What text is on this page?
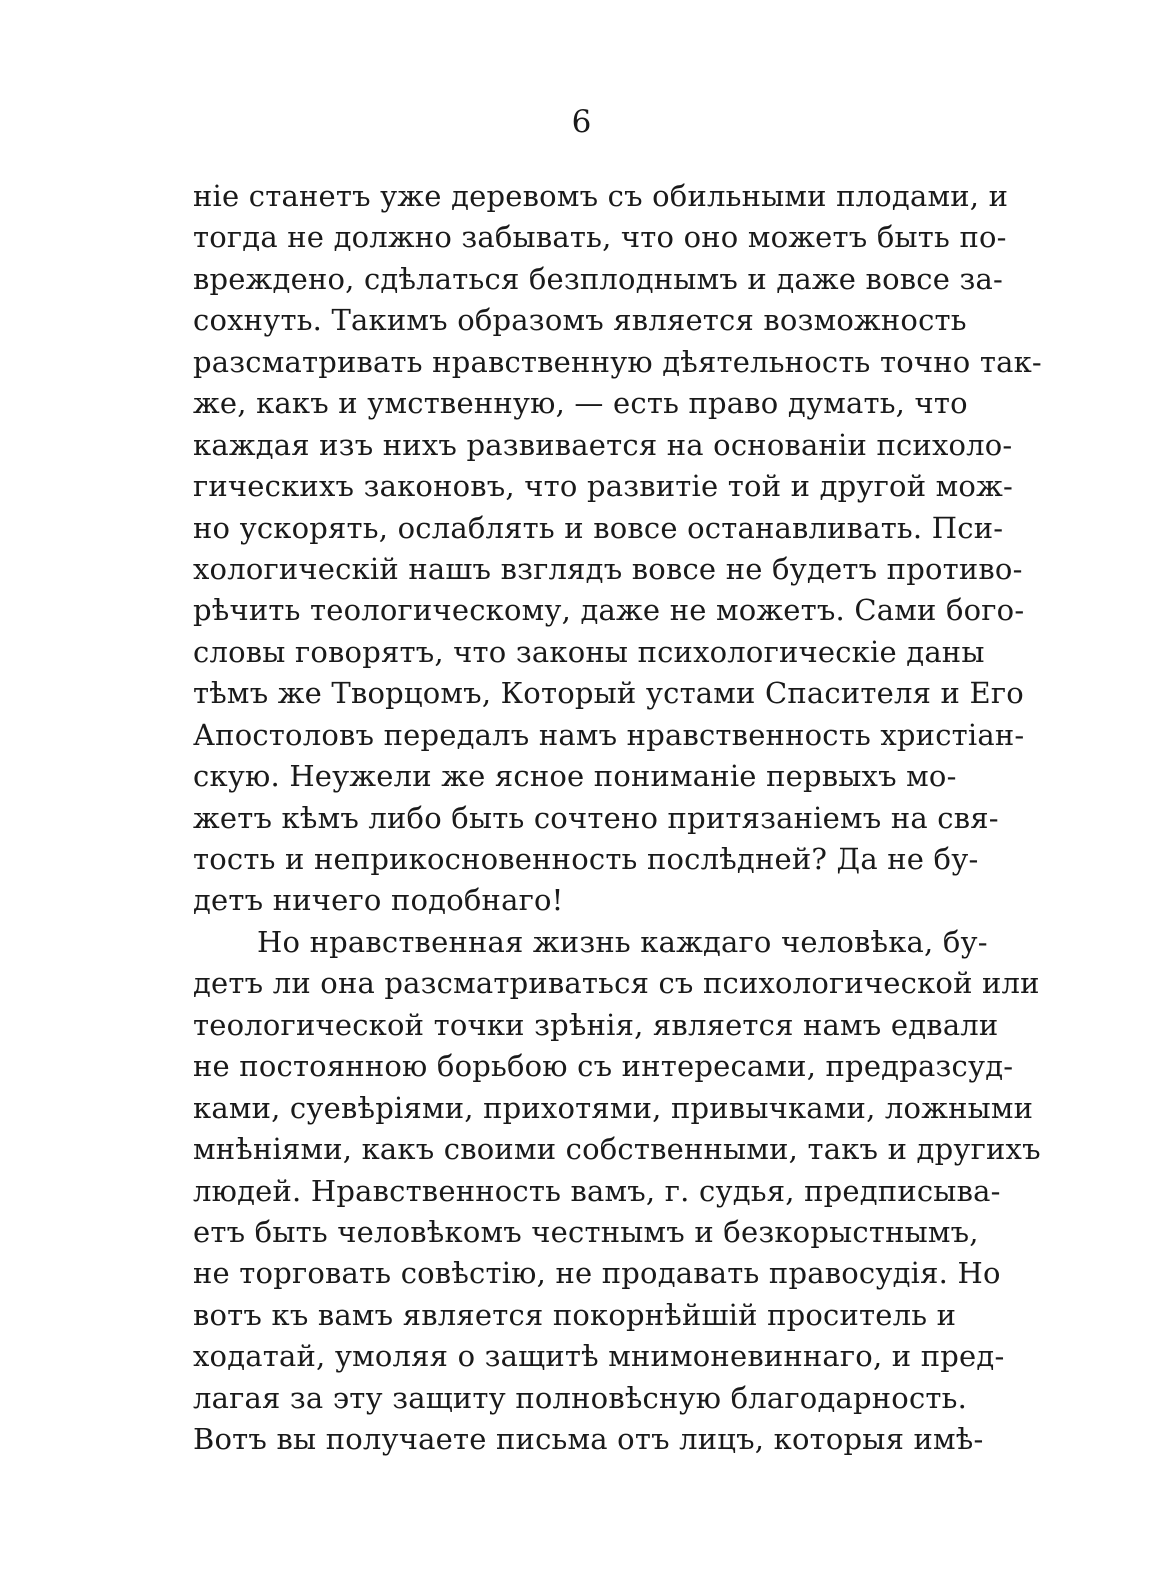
6
ніе станетъ уже деревомъ съ обильными плодами, и
тогда не должно забывать, что оно можетъ быть по-
врeждено, сдѣлаться безплоднымъ и даже вовсе за-
сохнуть. Такимъ образомъ является возможность
разсматривать нравственную дѣятельность точно так-
же, какъ и умственную, — есть право думать, что
каждая изъ нихъ развивается на основаніи психоло-
гическихъ законовъ, что развитіе той и другой мож-
но ускорять, ослаблять и вовсе останавливать. Пси-
хологическій нашъ взглядъ вовсе не будетъ противо-
рѣчить теологическому, даже не можетъ. Сами бого-
словы говорятъ, что законы психологическіе даны
тѣмъ же Творцомъ, Который устами Спасителя и Его
Апостоловъ передалъ намъ нравственность христіан-
скую. Неужели же ясное пониманіе первыхъ мо-
жетъ кѣмъ либо быть сочтено притязаніемъ на свя-
тость и неприкосновенность послѣдней? Да не бу-
детъ ничего подобнаго!
Но нравственная жизнь каждаго человѣка, бу-
детъ ли она разсматриваться съ психологической или
теологической точки зрѣнія, является намъ едвали
не постоянною борьбою съ интересами, предразсуд-
ками, суевѣріями, прихотями, привычками, ложными
мнѣніями, какъ своими собственными, такъ и другихъ
людей. Нравственность вамъ, г. судья, предписыва-
етъ быть человѣкомъ честнымъ и безкорыстнымъ,
не торговать совѣстію, не продавать правосудія. Но
вотъ къ вамъ является покорнѣйшій проситель и
ходатай, умоляя о защитѣ мнимоневиннаго, и пред-
лагая за эту защиту полновѣсную благодарность.
Вотъ вы получаете письма отъ лицъ, которыя имѣ-
